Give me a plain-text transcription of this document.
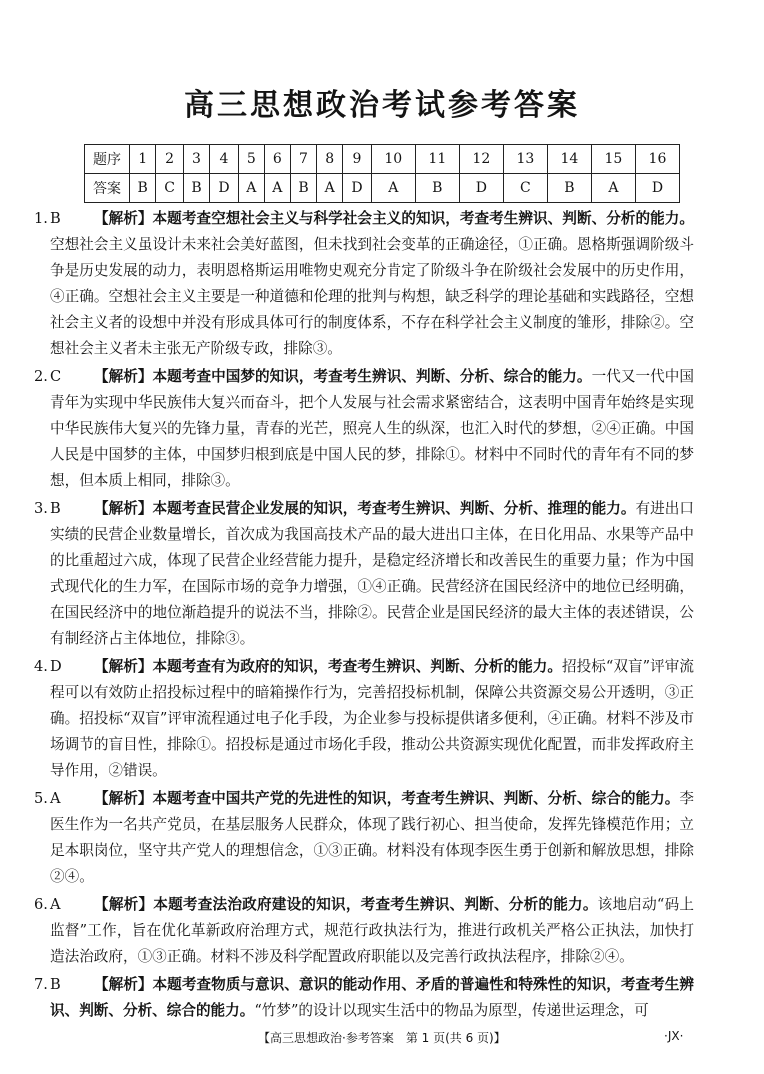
高三思想政治考试参考答案
题序	1	2	3	4	5	6	7	8	9	10	11	12	13	14	15	16
答案	B	C	B	D	A	A	B	A	D	A	B	D	C	B	A	D
1. B 【解析】本题考查空想社会主义与科学社会主义的知识，考查考生辨识、判断、分析的能力。空想社会主义虽设计未来社会美好蓝图，但未找到社会变革的正确途径，①正确。恩格斯强调阶级斗争是历史发展的动力，表明恩格斯运用唯物史观充分肯定了阶级斗争在阶级社会发展中的历史作用，④正确。空想社会主义主要是一种道德和伦理的批判与构想，缺乏科学的理论基础和实践路径，空想社会主义者的设想中并没有形成具体可行的制度体系，不存在科学社会主义制度的雏形，排除②。空想社会主义者未主张无产阶级专政，排除③。
2. C 【解析】本题考查中国梦的知识，考查考生辨识、判断、分析、综合的能力。一代又一代中国青年为实现中华民族伟大复兴而奋斗，把个人发展与社会需求紧密结合，这表明中国青年始终是实现中华民族伟大复兴的先锋力量，青春的光芒，照亮人生的纵深，也汇入时代的梦想，②④正确。中国人民是中国梦的主体，中国梦归根到底是中国人民的梦，排除①。材料中不同时代的青年有不同的梦想，但本质上相同，排除③。
3. B 【解析】本题考查民营企业发展的知识，考查考生辨识、判断、分析、推理的能力。有进出口实绩的民营企业数量增长，首次成为我国高技术产品的最大进出口主体，在日化用品、水果等产品中的比重超过六成，体现了民营企业经营能力提升，是稳定经济增长和改善民生的重要力量；作为中国式现代化的生力军，在国际市场的竞争力增强，①④正确。民营经济在国民经济中的地位已经明确，在国民经济中的地位渐趋提升的说法不当，排除②。民营企业是国民经济的最大主体的表述错误，公有制经济占主体地位，排除③。
4. D 【解析】本题考查有为政府的知识，考查考生辨识、判断、分析的能力。招投标“双盲”评审流程可以有效防止招投标过程中的暗箱操作行为，完善招投标机制，保障公共资源交易公开透明，③正确。招投标“双盲”评审流程通过电子化手段，为企业参与投标提供诸多便利，④正确。材料不涉及市场调节的盲目性，排除①。招投标是通过市场化手段，推动公共资源实现优化配置，而非发挥政府主导作用，②错误。
5. A 【解析】本题考查中国共产党的先进性的知识，考查考生辨识、判断、分析、综合的能力。李医生作为一名共产党员，在基层服务人民群众，体现了践行初心、担当使命，发挥先锋模范作用；立足本职岗位，坚守共产党人的理想信念，①③正确。材料没有体现李医生勇于创新和解放思想，排除②④。
6. A 【解析】本题考查法治政府建设的知识，考查考生辨识、判断、分析的能力。该地启动“码上监督”工作，旨在优化革新政府治理方式，规范行政执法行为，推进行政机关严格公正执法，加快打造法治政府，①③正确。材料不涉及科学配置政府职能以及完善行政执法程序，排除②④。
7. B 【解析】本题考查物质与意识、意识的能动作用、矛盾的普遍性和特殊性的知识，考查考生辨识、判断、分析、综合的能力。“竹梦”的设计以现实生活中的物品为原型，传递世运理念，可
【高三思想政治·参考答案　第 1 页(共 6 页)】	·JX·
